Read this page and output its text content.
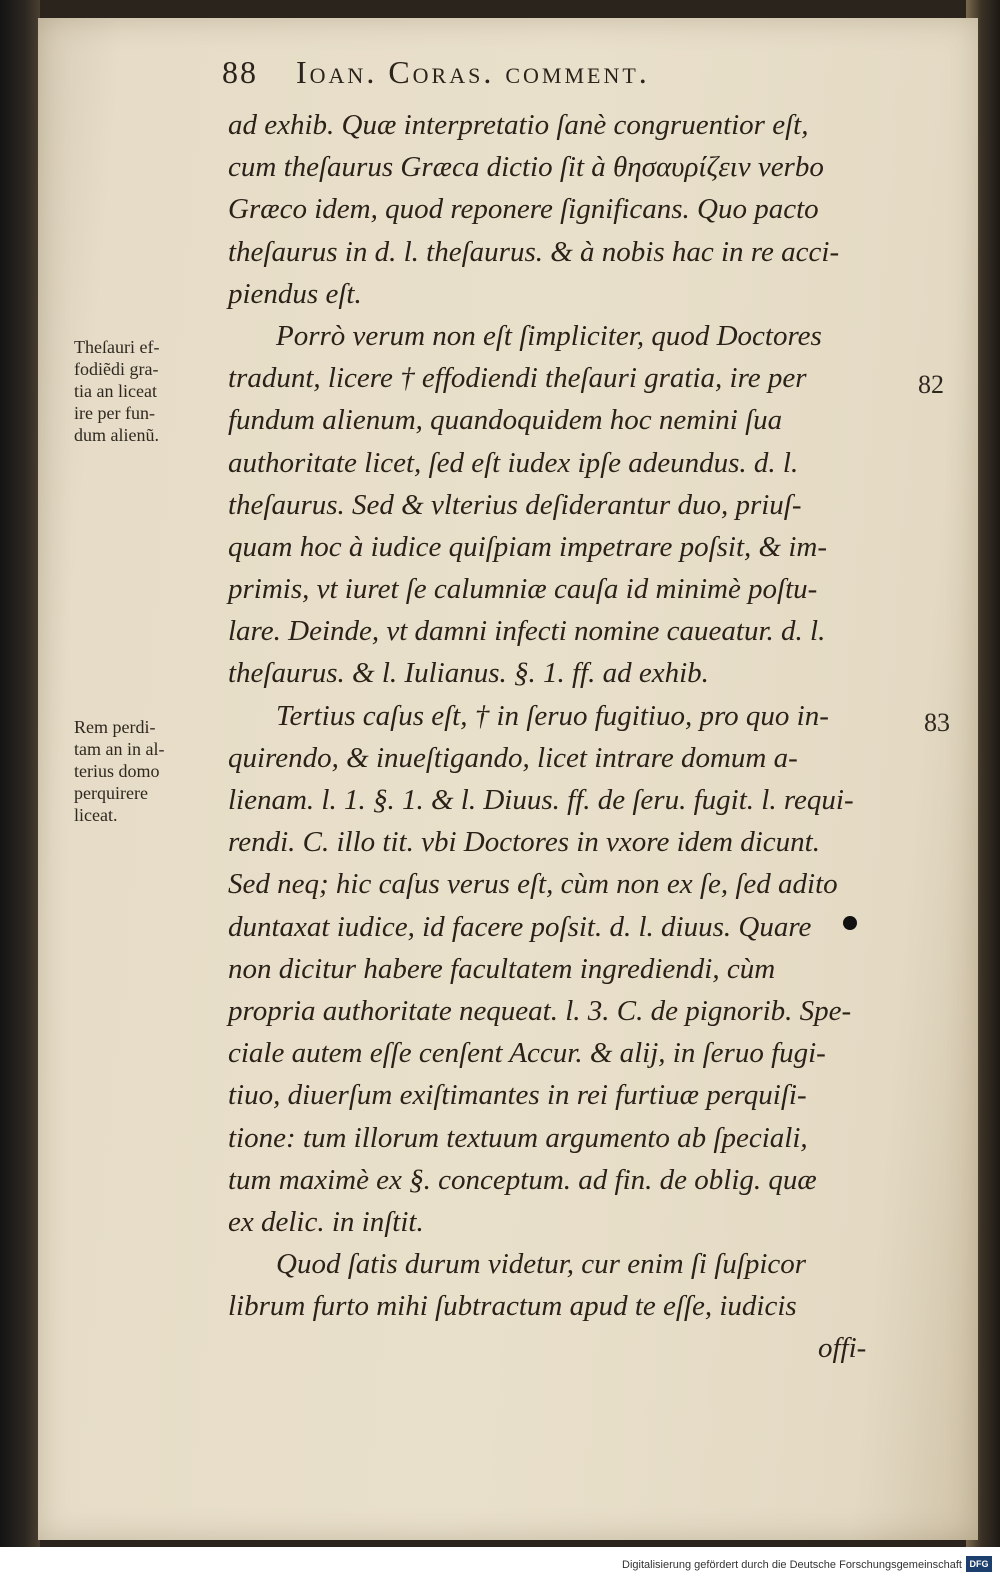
88 Ioan. Coras. comment.
ad exhib. Quæ interpretatio ſanè congruentior eſt,
cum theſaurus Græca dictio ſit à θησαυρίζειν verbo
Græco idem, quod reponere ſignificans. Quo pacto
theſaurus in d. l. theſaurus. & à nobis hac in re acci-
piendus eſt.
Porrò verum non eſt ſimpliciter, quod Doctores
tradunt, licere † effodiendi theſauri gratia, ire per
fundum alienum, quandoquidem hoc nemini ſua
authoritate licet, ſed eſt iudex ipſe adeundus. d. l.
theſaurus. Sed & vlterius deſiderantur duo, priuſ-
quam hoc à iudice quiſpiam impetrare poſsit, & im-
primis, vt iuret ſe calumniæ cauſa id minimè poſtu-
lare. Deinde, vt damni infecti nomine caueatur. d. l.
theſaurus. & l. Iulianus. §. 1. ff. ad exhib.
Tertius caſus eſt, † in ſeruo fugitiuo, pro quo in-
quirendo, & inueſtigando, licet intrare domum a-
lienam. l. 1. §. 1. & l. Diuus. ff. de ſeru. fugit. l. requi-
rendi. C. illo tit. vbi Doctores in vxore idem dicunt.
Sed neq; hic caſus verus eſt, cùm non ex ſe, ſed adito
duntaxat iudice, id facere poſsit. d. l. diuus. Quare
non dicitur habere facultatem ingrediendi, cùm
propria authoritate nequeat. l. 3. C. de pignorib. Spe-
ciale autem eſſe cenſent Accur. & alij, in ſeruo fugi-
tiuo, diuerſum exiſtimantes in rei furtiuæ perquiſi-
tione: tum illorum textuum argumento ab ſpeciali,
tum maximè ex §. conceptum. ad fin. de oblig. quæ
ex delic. in inſtit.
Quod ſatis durum videtur, cur enim ſi ſuſpicor
librum furto mihi ſubtractum apud te eſſe, iudicis
offi-
Theſauri ef-
fodiẽdi gra-
tia an liceat
ire per fun-
dum alienũ.
Rem perdi-
tam an in al-
terius domo
perquirere
liceat.
82
83
Digitalisierung gefördert durch die Deutsche Forschungsgemeinschaft DFG
